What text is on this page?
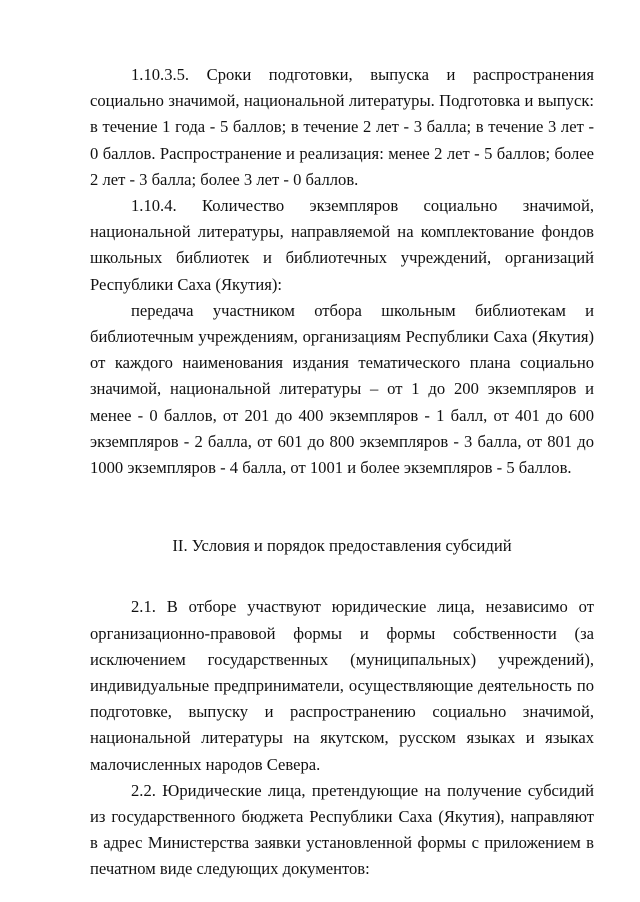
1.10.3.5. Сроки подготовки, выпуска и распространения социально значимой, национальной литературы. Подготовка и выпуск: в течение 1 года - 5 баллов; в течение 2 лет - 3 балла; в течение 3 лет - 0 баллов. Распространение и реализация: менее 2 лет - 5 баллов; более 2 лет - 3 балла; более 3 лет - 0 баллов.

1.10.4. Количество экземпляров социально значимой, национальной литературы, направляемой на комплектование фондов школьных библиотек и библиотечных учреждений, организаций Республики Саха (Якутия):

передача участником отбора школьным библиотекам и библиотечным учреждениям, организациям Республики Саха (Якутия) от каждого наименования издания тематического плана социально значимой, национальной литературы – от 1 до 200 экземпляров и менее - 0 баллов, от 201 до 400 экземпляров - 1 балл, от 401 до 600 экземпляров - 2 балла, от 601 до 800 экземпляров - 3 балла, от 801 до 1000 экземпляров - 4 балла, от 1001 и более экземпляров - 5 баллов.

II. Условия и порядок предоставления субсидий

2.1. В отборе участвуют юридические лица, независимо от организационно-правовой формы и формы собственности (за исключением государственных (муниципальных) учреждений), индивидуальные предприниматели, осуществляющие деятельность по подготовке, выпуску и распространению социально значимой, национальной литературы на якутском, русском языках и языках малочисленных народов Севера.

2.2. Юридические лица, претендующие на получение субсидий из государственного бюджета Республики Саха (Якутия), направляют в адрес Министерства заявки установленной формы с приложением в печатном виде следующих документов:
